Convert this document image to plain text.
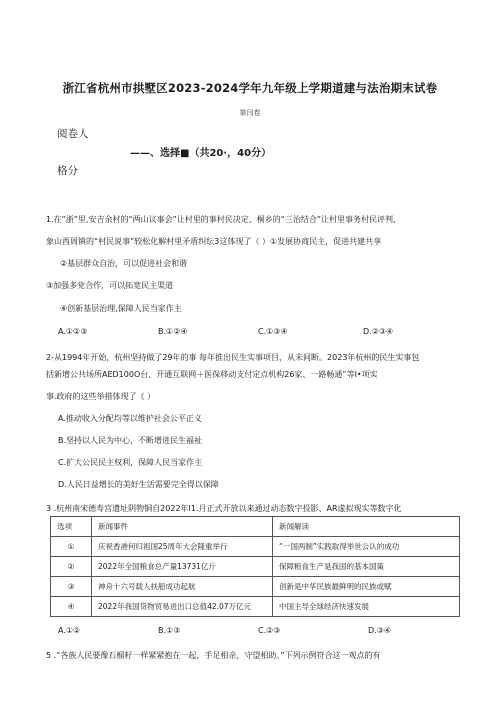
浙江省杭州市拱墅区2023-2024学年九年级上学期道建与法治期末试卷
第闫卷
阅卷人
——、选择■（共20·，40分）
格分
1.在“浙”里,安吉余村的“两山议事会”让村里的事村民决定、桐乡的“三治结合”让村里事务村民评判,
象山西周镇的“村民说事”较松化解村里矛盾纠纭3这体现了（ ）①发展协商民主，促进共建共享
②基层群众自治，可以促进社会和谐
③加强多党合作，可以拓宽民主渠道
④创新基层治理,保障人民当家作主
A.①②③	B.①②④	C.①③④	D.②③④
2-从1994年开始，杭州坚持做了29年的事 每年推出民生实事项目，从未间断。2023年杭州的民生实事包
括新增公共场所AED100O台、开通互联网＋医保移动支付定点机构26家、一路畅通”等I•项实
事.政府的这些举措体现了《 ）
A.推动收入分配均等以维护社会公平正义
B.坚持以人民为中心，不断增进民生福祉
C.扩大公民民主权利，保障人民当家作主
D.人民日益增长的美好生活需要完全得以保障
3 .杭州南宋德寿宫遗址阴物铜自2022年I1.月正式开放以来通过动态数字投影、AR虚拟现实等数字化
选项	新闻事件	新闻解读
①	庆祝香港何归祖国25周年大会隆重举行	“一国两制”实践取得举世公认的成功
②	2022年全国粮食总产量13731亿斤	保障粮食生产是我国的基本国策
③	神舟十六号载人扶船成功起航	创新是中华民族最鲜明的民族或赋
④	2022年我国货物贸易进出口总值42.07万亿元	中国主导全球经济快速发展
A.①②	B.①③	C.②③	D.③④
5 .“各族人民要像石榴籽一样紧紧抱在一起，手足相亲，守望相助。”下列示例符合这一观点的有
